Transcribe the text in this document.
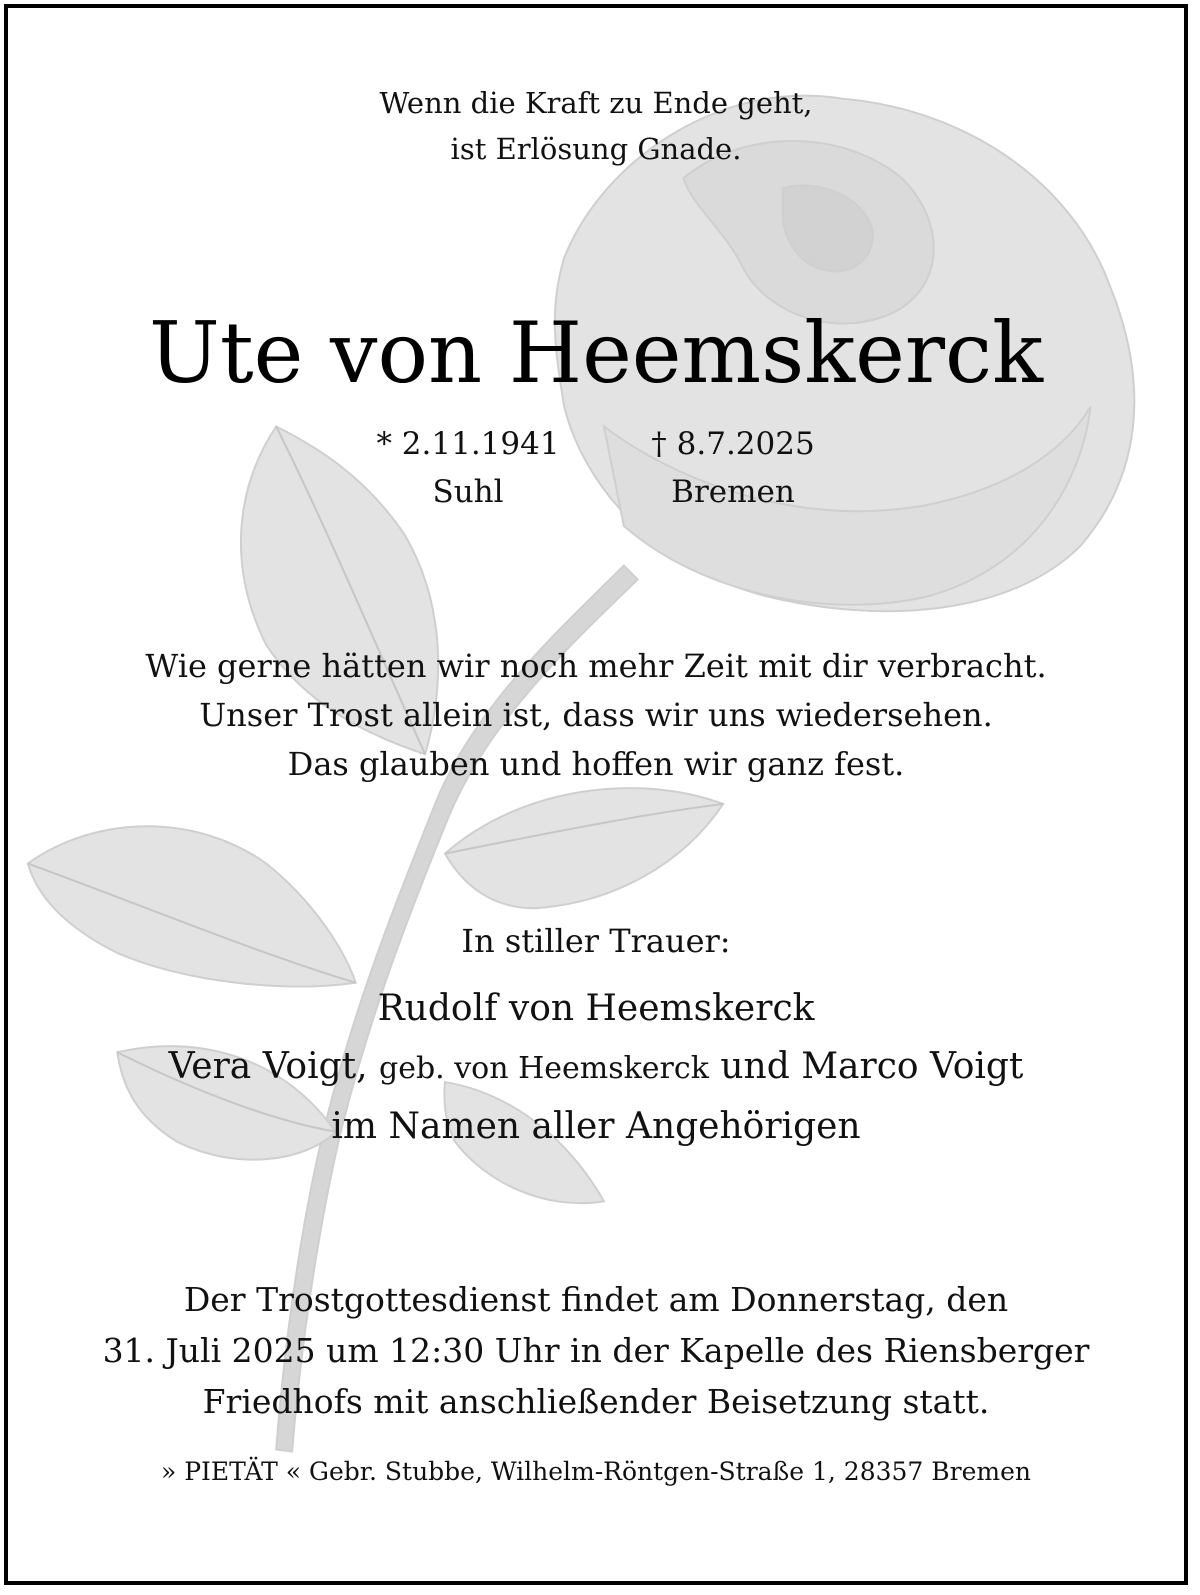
Wenn die Kraft zu Ende geht,
ist Erlösung Gnade.
Ute von Heemskerck
* 2.11.1941
Suhl
† 8.7.2025
Bremen
Wie gerne hätten wir noch mehr Zeit mit dir verbracht.
Unser Trost allein ist, dass wir uns wiedersehen.
Das glauben und hoffen wir ganz fest.
In stiller Trauer:
Rudolf von Heemskerck
Vera Voigt, geb. von Heemskerck und Marco Voigt
im Namen aller Angehörigen
Der Trostgottesdienst findet am Donnerstag, den
31. Juli 2025 um 12:30 Uhr in der Kapelle des Riensberger
Friedhofs mit anschließender Beisetzung statt.
» PIETÄT « Gebr. Stubbe, Wilhelm-Röntgen-Straße 1, 28357 Bremen
